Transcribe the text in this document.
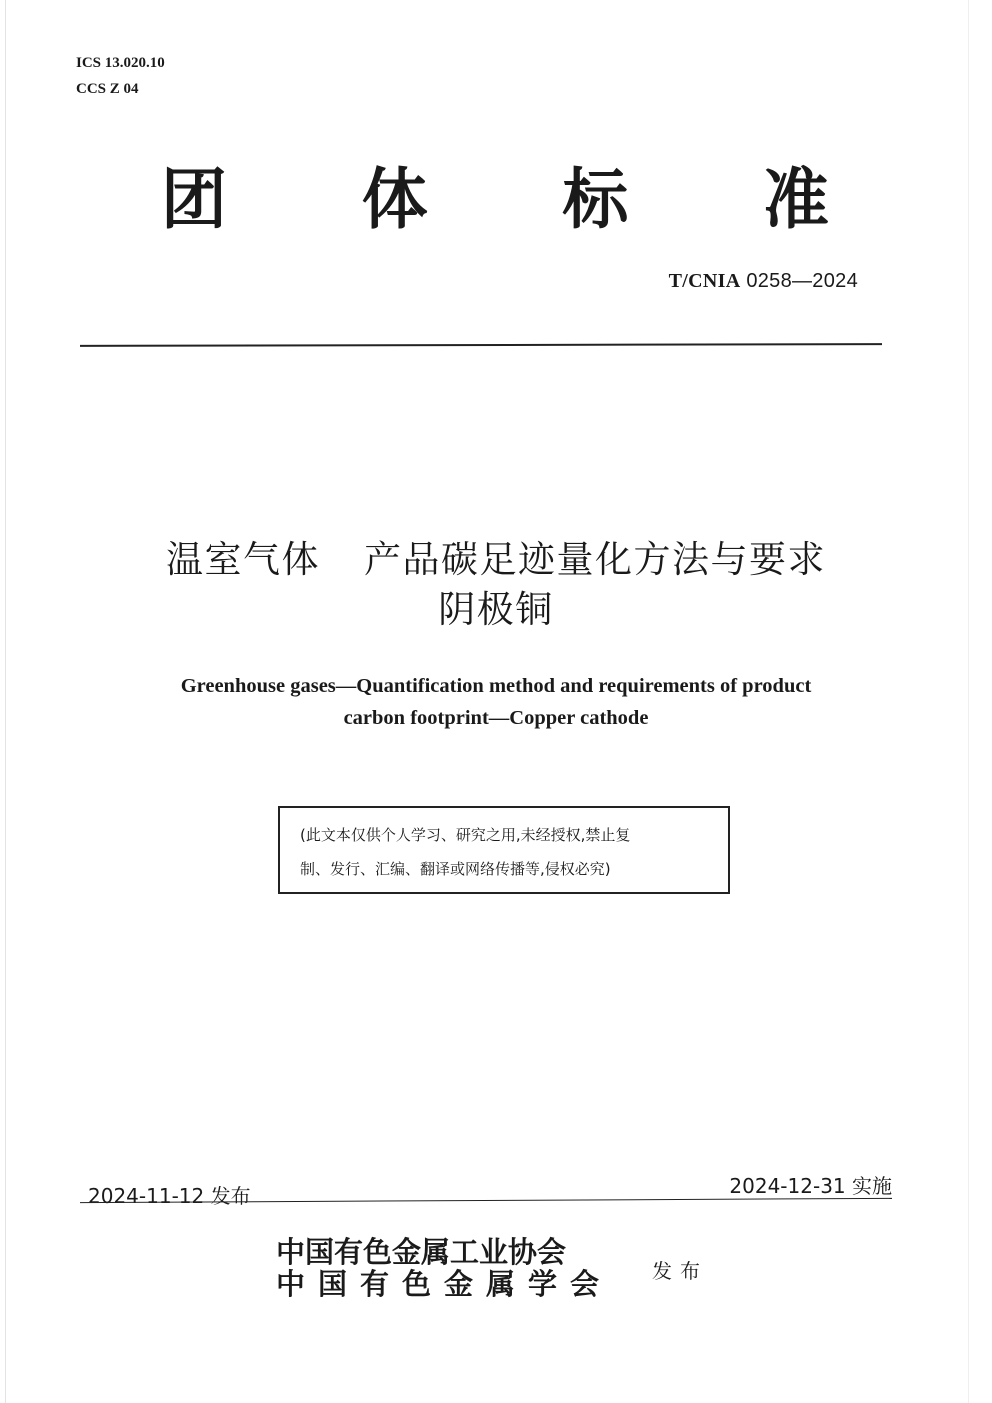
ICS 13.020.10
CCS Z 04
团 体 标 准
T/CNIA 0258—2024
温室气体 产品碳足迹量化方法与要求
阴极铜
Greenhouse gases—Quantification method and requirements of product
carbon footprint—Copper cathode
(此文本仅供个人学习、研究之用,未经授权,禁止复
制、发行、汇编、翻译或网络传播等,侵权必究)
2024-11-12 发布	2024-12-31 实施
中国有色金属工业协会
中国有色金属学会 发布
